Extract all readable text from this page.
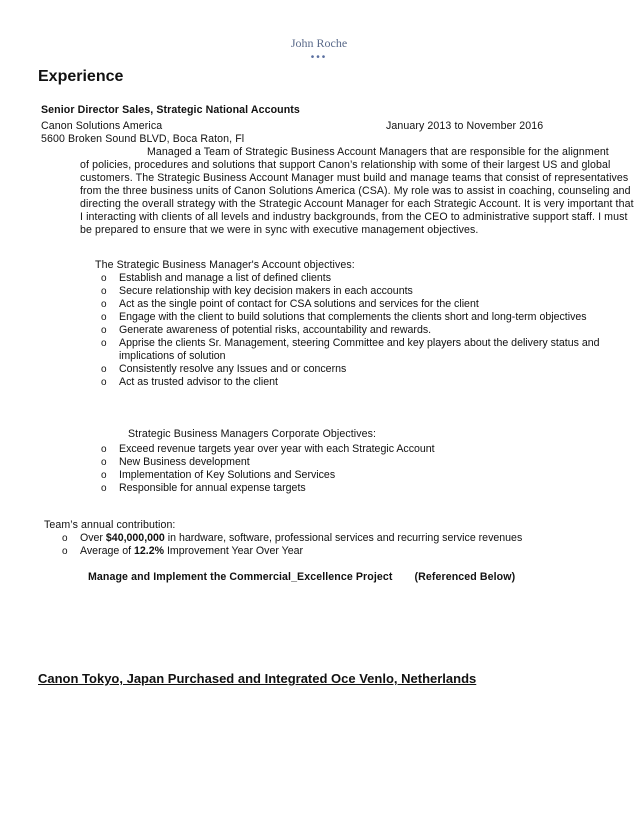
John Roche
•••
Experience
Senior Director Sales, Strategic National Accounts
Canon Solutions America	January 2013 to November 2016
5600 Broken Sound BLVD, Boca Raton, Fl
Managed a Team of Strategic Business Account Managers that are responsible for the alignment
of policies, procedures and solutions that support Canon’s relationship with some of their largest US and global customers. The Strategic Business Account Manager must build and manage teams that consist of representatives from the three business units of Canon Solutions America (CSA). My role was to assist in coaching, counseling and directing the overall strategy with the Strategic Account Manager for each Strategic Account. It is very important that I interacting with clients of all levels and industry backgrounds, from the CEO to administrative support staff. I must be prepared to ensure that we were in sync with executive management objectives.
The Strategic Business Manager's Account objectives:
o Establish and manage a list of defined clients
o Secure relationship with key decision makers in each accounts
o Act as the single point of contact for CSA solutions and services for the client
o Engage with the client to build solutions that complements the clients short and long-term objectives
o Generate awareness of potential risks, accountability and rewards.
o Apprise the clients Sr. Management, steering Committee and key players about the delivery status and implications of solution
o Consistently resolve any Issues and or concerns
o Act as trusted advisor to the client
Strategic Business Managers Corporate Objectives:
o Exceed revenue targets year over year with each Strategic Account
o New Business development
o Implementation of Key Solutions and Services
o Responsible for annual expense targets
Team’s annual contribution:
o Over $40,000,000 in hardware, software, professional services and recurring service revenues
o Average of 12.2% Improvement Year Over Year
Manage and Implement the Commercial_Excellence Project (Referenced Below)
Canon Tokyo, Japan Purchased and Integrated Oce Venlo, Netherlands
